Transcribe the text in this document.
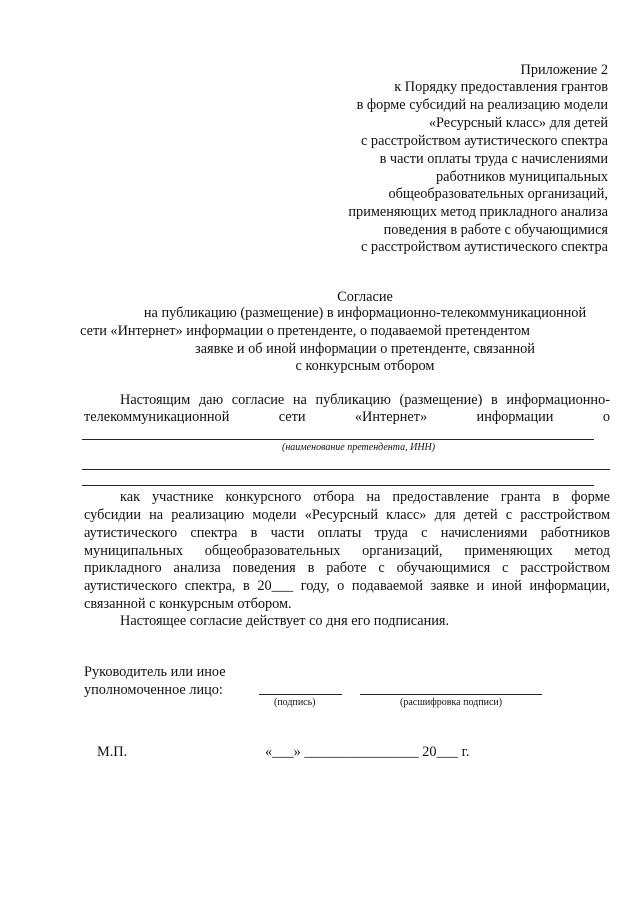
Приложение 2
к Порядку предоставления грантов
в форме субсидий на реализацию модели
«Ресурсный класс» для детей
с расстройством аутистического спектра
в части оплаты труда с начислениями
работников муниципальных
общеобразовательных организаций,
применяющих метод прикладного анализа
поведения в работе с обучающимися
с расстройством аутистического спектра
Согласие
на публикацию (размещение) в информационно-телекоммуникационной
сети «Интернет» информации о претенденте, о подаваемой претендентом
заявке и об иной информации о претенденте, связанной
с конкурсным отбором
Настоящим даю согласие на публикацию (размещение) в информационно-
телекоммуникационной сети «Интернет» информации о
(наименование претендента, ИНН)
как участнике конкурсного отбора на предоставление гранта в форме
субсидии на реализацию модели «Ресурсный класс» для детей с расстройством
аутистического спектра в части оплаты труда с начислениями работников
муниципальных общеобразовательных организаций, применяющих метод
прикладного анализа поведения в работе с обучающимися с расстройством
аутистического спектра, в 20___ году, о подаваемой заявке и иной информации,
связанной с конкурсным отбором.
Настоящее согласие действует со дня его подписания.
Руководитель или иное
уполномоченное лицо:
(подпись)	(расшифровка подписи)
М.П.	«___» ________________ 20___ г.
